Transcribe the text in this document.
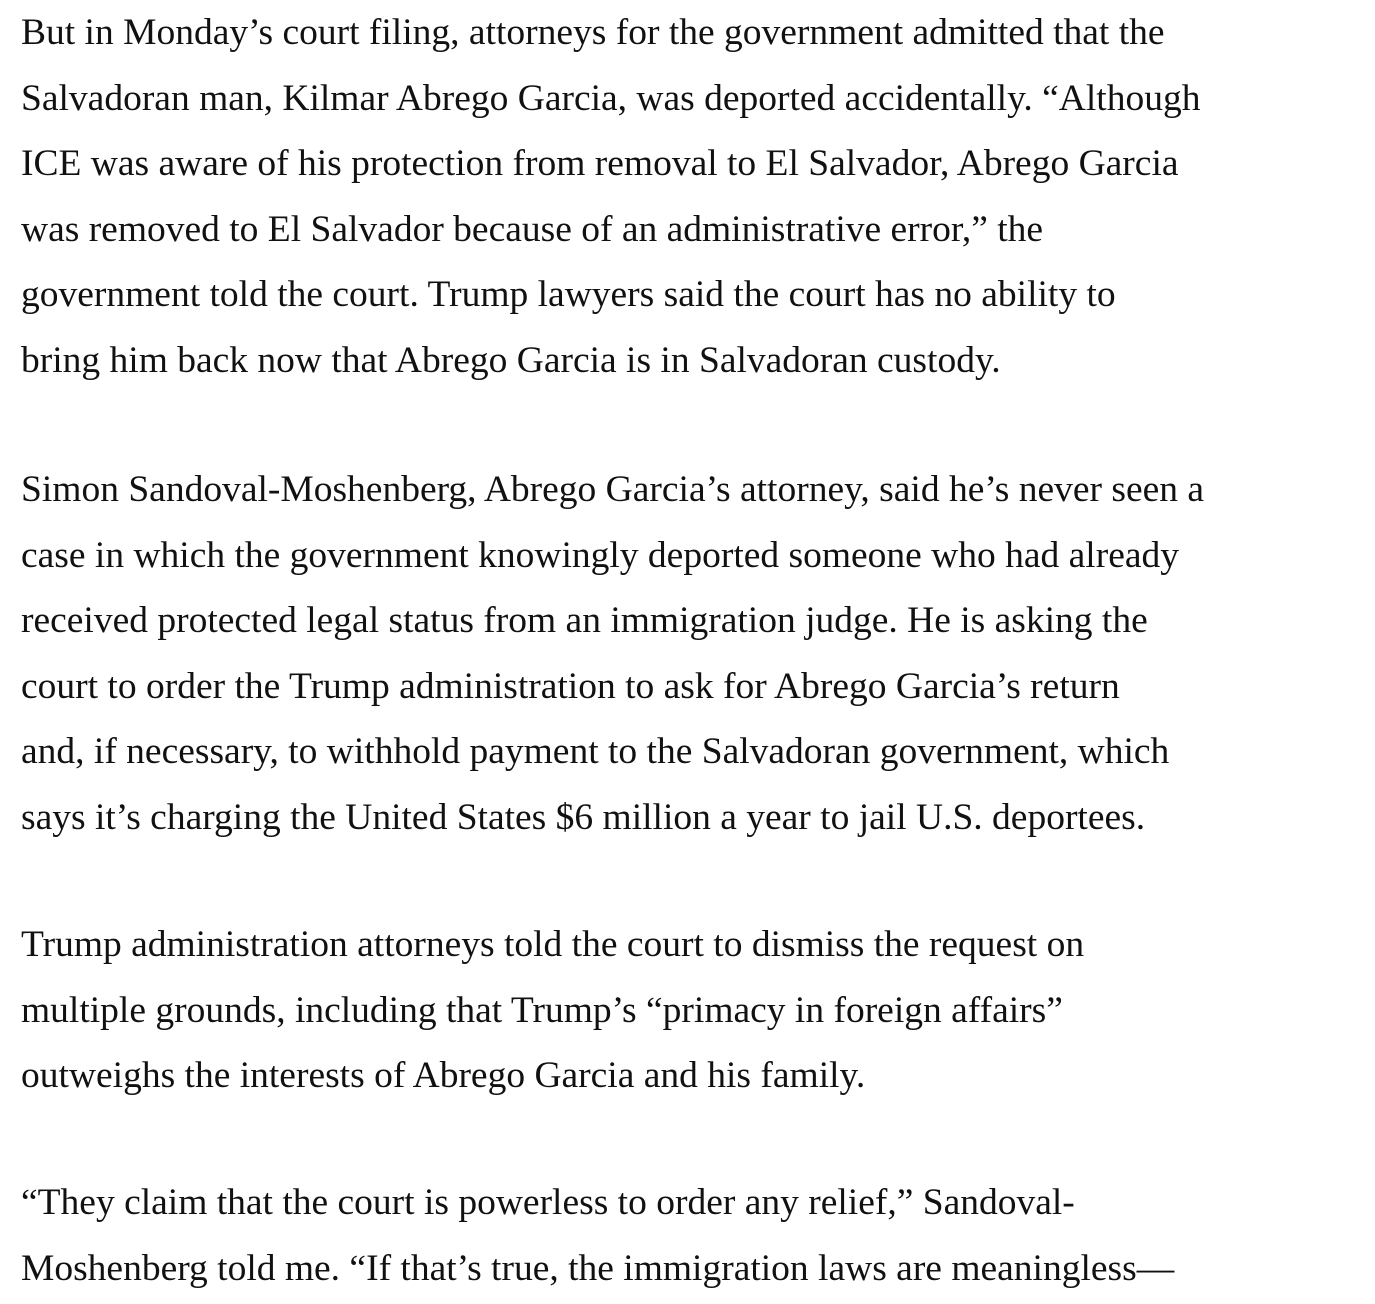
But in Monday’s court filing, attorneys for the government admitted that the
Salvadoran man, Kilmar Abrego Garcia, was deported accidentally. “Although
ICE was aware of his protection from removal to El Salvador, Abrego Garcia
was removed to El Salvador because of an administrative error,” the
government told the court. Trump lawyers said the court has no ability to
bring him back now that Abrego Garcia is in Salvadoran custody.

Simon Sandoval-Moshenberg, Abrego Garcia’s attorney, said he’s never seen a
case in which the government knowingly deported someone who had already
received protected legal status from an immigration judge. He is asking the
court to order the Trump administration to ask for Abrego Garcia’s return
and, if necessary, to withhold payment to the Salvadoran government, which
says it’s charging the United States $6 million a year to jail U.S. deportees.

Trump administration attorneys told the court to dismiss the request on
multiple grounds, including that Trump’s “primacy in foreign affairs”
outweighs the interests of Abrego Garcia and his family.

“They claim that the court is powerless to order any relief,” Sandoval-
Moshenberg told me. “If that’s true, the immigration laws are meaningless—
